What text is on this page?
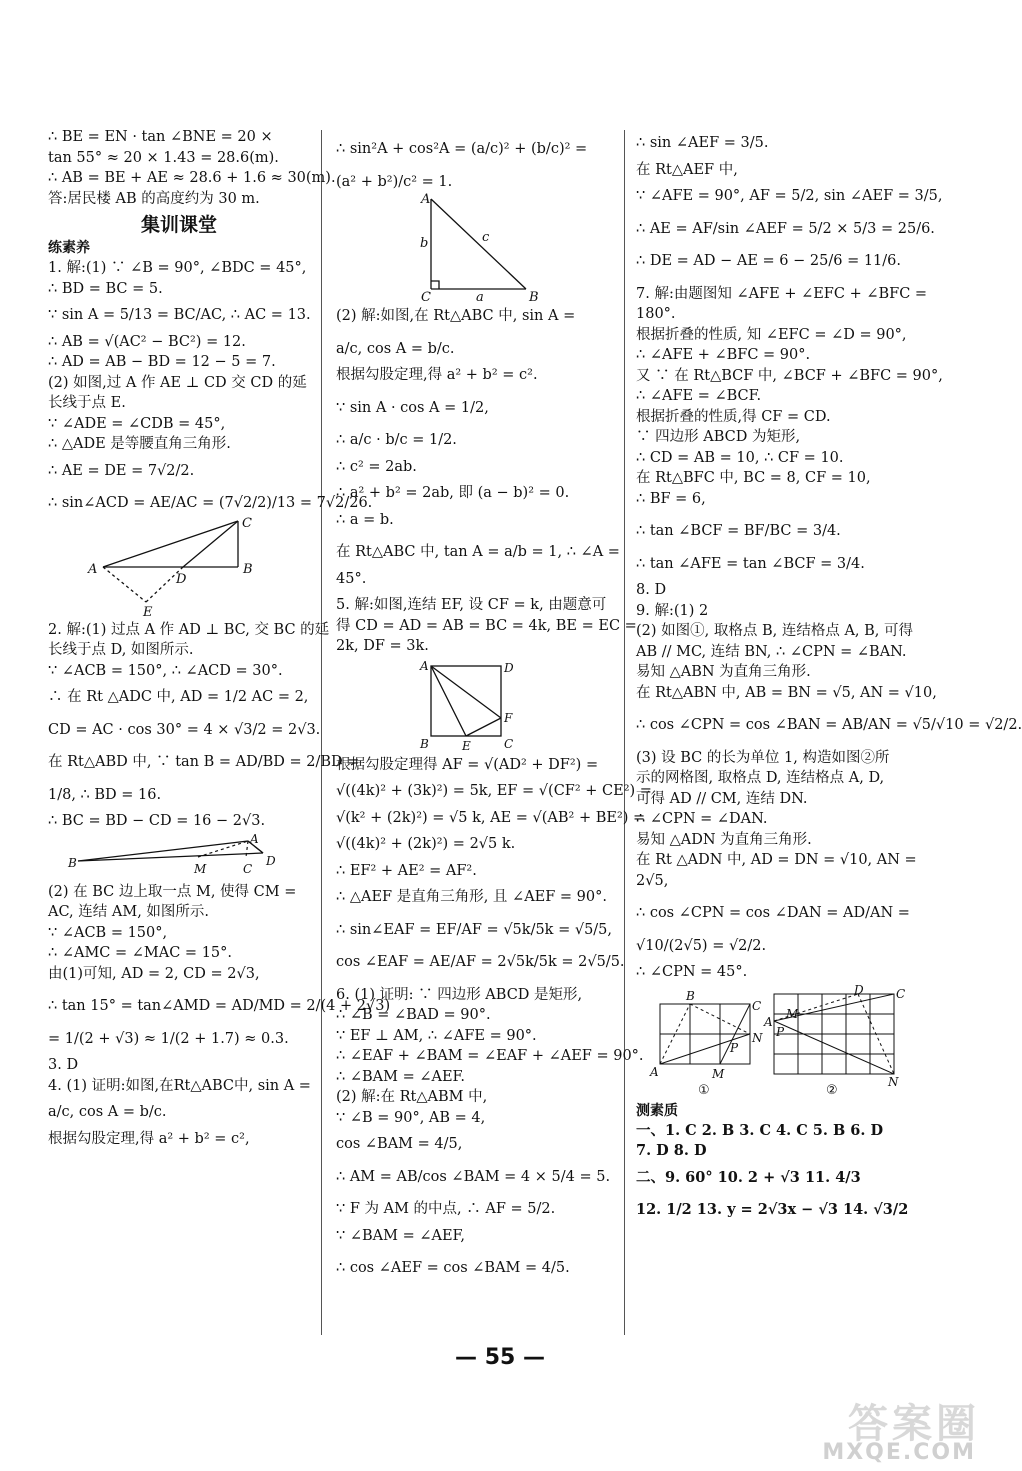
∴ BE = EN · tan ∠BNE = 20 ×
tan 55° ≈ 20 × 1.43 = 28.6(m).
∴ AB = BE + AE ≈ 28.6 + 1.6 ≈ 30(m).
答:居民楼 AB 的高度约为 30 m.
集训课堂
练素养
1. 解:(1) ∵ ∠B = 90°, ∠BDC = 45°,
∴ BD = BC = 5.
∵ sin A = 5/13 = BC/AC, ∴ AC = 13.
∴ AB = √(AC² − BC²) = 12.
∴ AD = AB − BD = 12 − 5 = 7.
(2) 如图,过 A 作 AE ⊥ CD 交 CD 的延
长线于点 E.
∵ ∠ADE = ∠CDB = 45°,
∴ △ADE 是等腰直角三角形.
∴ AE = DE = 7√2/2.
∴ sin∠ACD = AE/AC = (7√2/2)/13 = 7√2/26.
A	B
C
D
E
2. 解:(1) 过点 A 作 AD ⊥ BC, 交 BC 的延
长线于点 D, 如图所示.
∵ ∠ACB = 150°, ∴ ∠ACD = 30°.
∴ 在 Rt △ADC 中, AD = 1/2 AC = 2,
CD = AC · cos 30° = 4 × √3/2 = 2√3.
在 Rt△ABD 中, ∵ tan B = AD/BD = 2/BD =
1/8, ∴ BD = 16.
∴ BC = BD − CD = 16 − 2√3.
A
B	M	C
D
(2) 在 BC 边上取一点 M, 使得 CM =
AC, 连结 AM, 如图所示.
∵ ∠ACB = 150°,
∴ ∠AMC = ∠MAC = 15°.
由(1)可知, AD = 2, CD = 2√3,
∴ tan 15° = tan∠AMD = AD/MD = 2/(4 + 2√3)
= 1/(2 + √3) ≈ 1/(2 + 1.7) ≈ 0.3.
3. D
4. (1) 证明:如图,在Rt△ABC中, sin A =
a/c, cos A = b/c.
根据勾股定理,得 a² + b² = c²,
∴ sin²A + cos²A = (a/c)² + (b/c)² =
(a² + b²)/c² = 1.
A
B
C	a
b	c
(2) 解:如图,在 Rt△ABC 中, sin A =
a/c, cos A = b/c.
根据勾股定理,得 a² + b² = c².
∵ sin A · cos A = 1/2,
∴ a/c · b/c = 1/2.
∴ c² = 2ab.
∴ a² + b² = 2ab, 即 (a − b)² = 0.
∴ a = b.
在 Rt△ABC 中, tan A = a/b = 1, ∴ ∠A =
45°.
5. 解:如图,连结 EF, 设 CF = k, 由题意可
得 CD = AD = AB = BC = 4k, BE = EC =
2k, DF = 3k.
A
B	C
D
E
F
根据勾股定理得 AF = √(AD² + DF²) =
√((4k)² + (3k)²) = 5k, EF = √(CF² + CE²) =
√(k² + (2k)²) = √5 k, AE = √(AB² + BE²) =
√((4k)² + (2k)²) = 2√5 k.
∴ EF² + AE² = AF².
∴ △AEF 是直角三角形, 且 ∠AEF = 90°.
∴ sin∠EAF = EF/AF = √5k/5k = √5/5,
cos ∠EAF = AE/AF = 2√5k/5k = 2√5/5.
6. (1) 证明: ∵ 四边形 ABCD 是矩形,
∴ ∠B = ∠BAD = 90°.
∵ EF ⊥ AM, ∴ ∠AFE = 90°.
∴ ∠EAF + ∠BAM = ∠EAF + ∠AEF = 90°.
∴ ∠BAM = ∠AEF.
(2) 解:在 Rt△ABM 中,
∵ ∠B = 90°, AB = 4,
cos ∠BAM = 4/5,
∴ AM = AB/cos ∠BAM = 4 × 5/4 = 5.
∵ F 为 AM 的中点, ∴ AF = 5/2.
∵ ∠BAM = ∠AEF,
∴ cos ∠AEF = cos ∠BAM = 4/5.
∴ sin ∠AEF = 3/5.
在 Rt△AEF 中,
∵ ∠AFE = 90°, AF = 5/2, sin ∠AEF = 3/5,
∴ AE = AF/sin ∠AEF = 5/2 × 5/3 = 25/6.
∴ DE = AD − AE = 6 − 25/6 = 11/6.
7. 解:由题图知 ∠AFE + ∠EFC + ∠BFC =
180°.
根据折叠的性质, 知 ∠EFC = ∠D = 90°,
∴ ∠AFE + ∠BFC = 90°.
又 ∵ 在 Rt△BCF 中, ∠BCF + ∠BFC = 90°,
∴ ∠AFE = ∠BCF.
根据折叠的性质,得 CF = CD.
∵ 四边形 ABCD 为矩形,
∴ CD = AB = 10, ∴ CF = 10.
在 Rt△BFC 中, BC = 8, CF = 10,
∴ BF = 6,
∴ tan ∠BCF = BF/BC = 3/4.
∴ tan ∠AFE = tan ∠BCF = 3/4.
8. D
9. 解:(1) 2
(2) 如图①, 取格点 B, 连结格点 A, B, 可得
AB // MC, 连结 BN, ∴ ∠CPN = ∠BAN.
易知 △ABN 为直角三角形.
在 Rt△ABN 中, AB = BN = √5, AN = √10,
∴ cos ∠CPN = cos ∠BAN = AB/AN = √5/√10 = √2/2.
(3) 设 BC 的长为单位 1, 构造如图②所
示的网格图, 取格点 D, 连结格点 A, D,
可得 AD // CM, 连结 DN.
∴ ∠CPN = ∠DAN.
易知 △ADN 为直角三角形.
在 Rt △ADN 中, AD = DN = √10, AN =
2√5,
∴ cos ∠CPN = cos ∠DAN = AD/AN =
√10/(2√5) = √2/2.
∴ ∠CPN = 45°.
B
A
C
M
N
P
A
C
D
M
N
P
①	②
测素质
一、1. C 2. B 3. C 4. C 5. B 6. D
7. D 8. D
二、9. 60° 10. 2 + √3 11. 4/3
12. 1/2 13. y = 2√3x − √3 14. √3/2
— 55 —
答案圈
MXQE.COM
